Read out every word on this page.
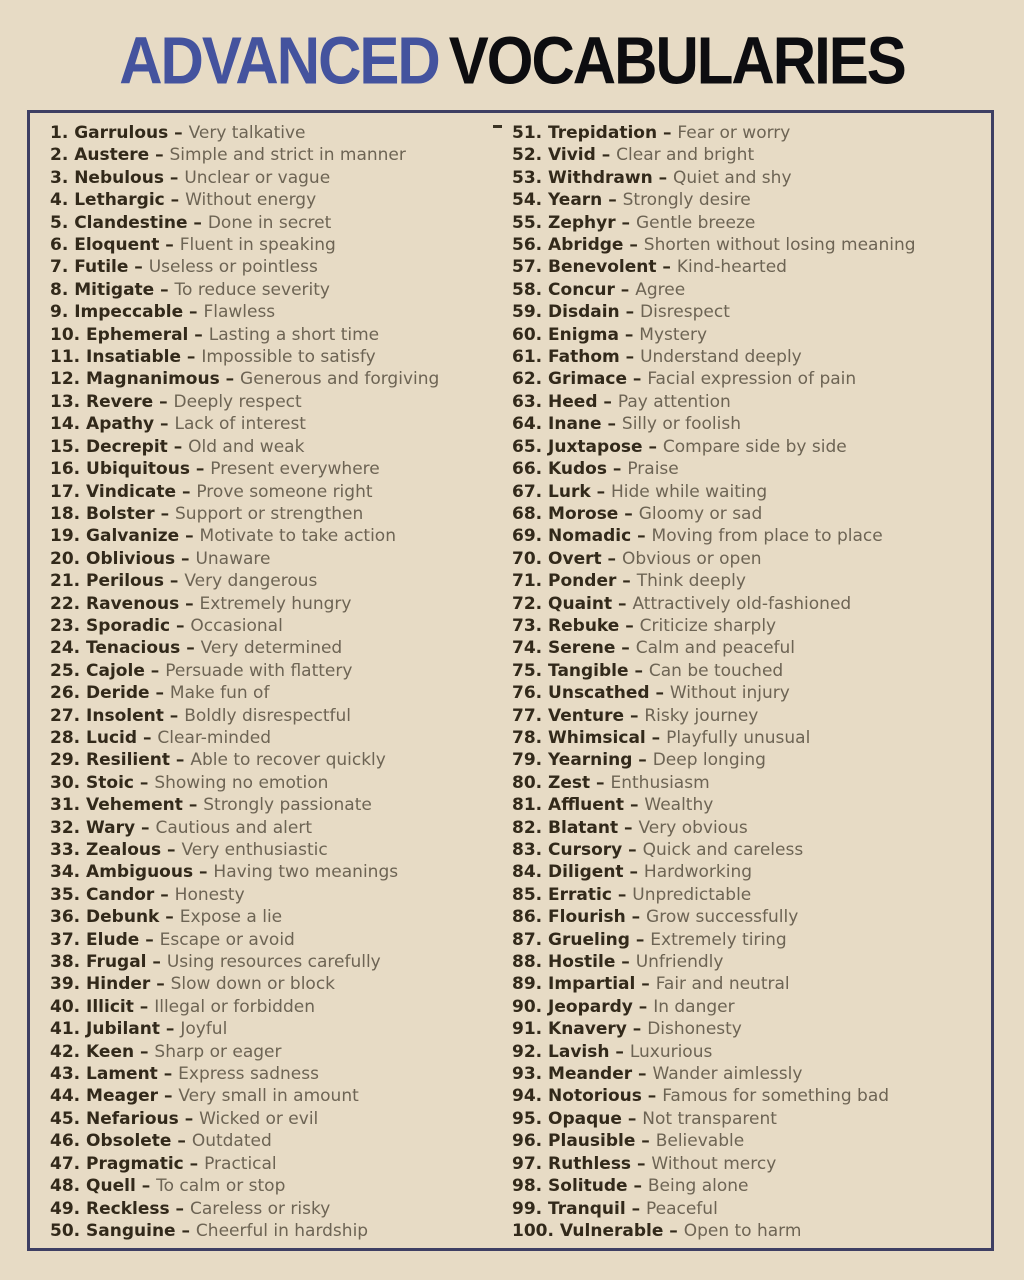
ADVANCED VOCABULARIES
1. Garrulous – Very talkative
2. Austere – Simple and strict in manner
3. Nebulous – Unclear or vague
4. Lethargic – Without energy
5. Clandestine – Done in secret
6. Eloquent – Fluent in speaking
7. Futile – Useless or pointless
8. Mitigate – To reduce severity
9. Impeccable – Flawless
10. Ephemeral – Lasting a short time
11. Insatiable – Impossible to satisfy
12. Magnanimous – Generous and forgiving
13. Revere – Deeply respect
14. Apathy – Lack of interest
15. Decrepit – Old and weak
16. Ubiquitous – Present everywhere
17. Vindicate – Prove someone right
18. Bolster – Support or strengthen
19. Galvanize – Motivate to take action
20. Oblivious – Unaware
21. Perilous – Very dangerous
22. Ravenous – Extremely hungry
23. Sporadic – Occasional
24. Tenacious – Very determined
25. Cajole – Persuade with flattery
26. Deride – Make fun of
27. Insolent – Boldly disrespectful
28. Lucid – Clear-minded
29. Resilient – Able to recover quickly
30. Stoic – Showing no emotion
31. Vehement – Strongly passionate
32. Wary – Cautious and alert
33. Zealous – Very enthusiastic
34. Ambiguous – Having two meanings
35. Candor – Honesty
36. Debunk – Expose a lie
37. Elude – Escape or avoid
38. Frugal – Using resources carefully
39. Hinder – Slow down or block
40. Illicit – Illegal or forbidden
41. Jubilant – Joyful
42. Keen – Sharp or eager
43. Lament – Express sadness
44. Meager – Very small in amount
45. Nefarious – Wicked or evil
46. Obsolete – Outdated
47. Pragmatic – Practical
48. Quell – To calm or stop
49. Reckless – Careless or risky
50. Sanguine – Cheerful in hardship
51. Trepidation – Fear or worry
52. Vivid – Clear and bright
53. Withdrawn – Quiet and shy
54. Yearn – Strongly desire
55. Zephyr – Gentle breeze
56. Abridge – Shorten without losing meaning
57. Benevolent – Kind-hearted
58. Concur – Agree
59. Disdain – Disrespect
60. Enigma – Mystery
61. Fathom – Understand deeply
62. Grimace – Facial expression of pain
63. Heed – Pay attention
64. Inane – Silly or foolish
65. Juxtapose – Compare side by side
66. Kudos – Praise
67. Lurk – Hide while waiting
68. Morose – Gloomy or sad
69. Nomadic – Moving from place to place
70. Overt – Obvious or open
71. Ponder – Think deeply
72. Quaint – Attractively old-fashioned
73. Rebuke – Criticize sharply
74. Serene – Calm and peaceful
75. Tangible – Can be touched
76. Unscathed – Without injury
77. Venture – Risky journey
78. Whimsical – Playfully unusual
79. Yearning – Deep longing
80. Zest – Enthusiasm
81. Affluent – Wealthy
82. Blatant – Very obvious
83. Cursory – Quick and careless
84. Diligent – Hardworking
85. Erratic – Unpredictable
86. Flourish – Grow successfully
87. Grueling – Extremely tiring
88. Hostile – Unfriendly
89. Impartial – Fair and neutral
90. Jeopardy – In danger
91. Knavery – Dishonesty
92. Lavish – Luxurious
93. Meander – Wander aimlessly
94. Notorious – Famous for something bad
95. Opaque – Not transparent
96. Plausible – Believable
97. Ruthless – Without mercy
98. Solitude – Being alone
99. Tranquil – Peaceful
100. Vulnerable – Open to harm
